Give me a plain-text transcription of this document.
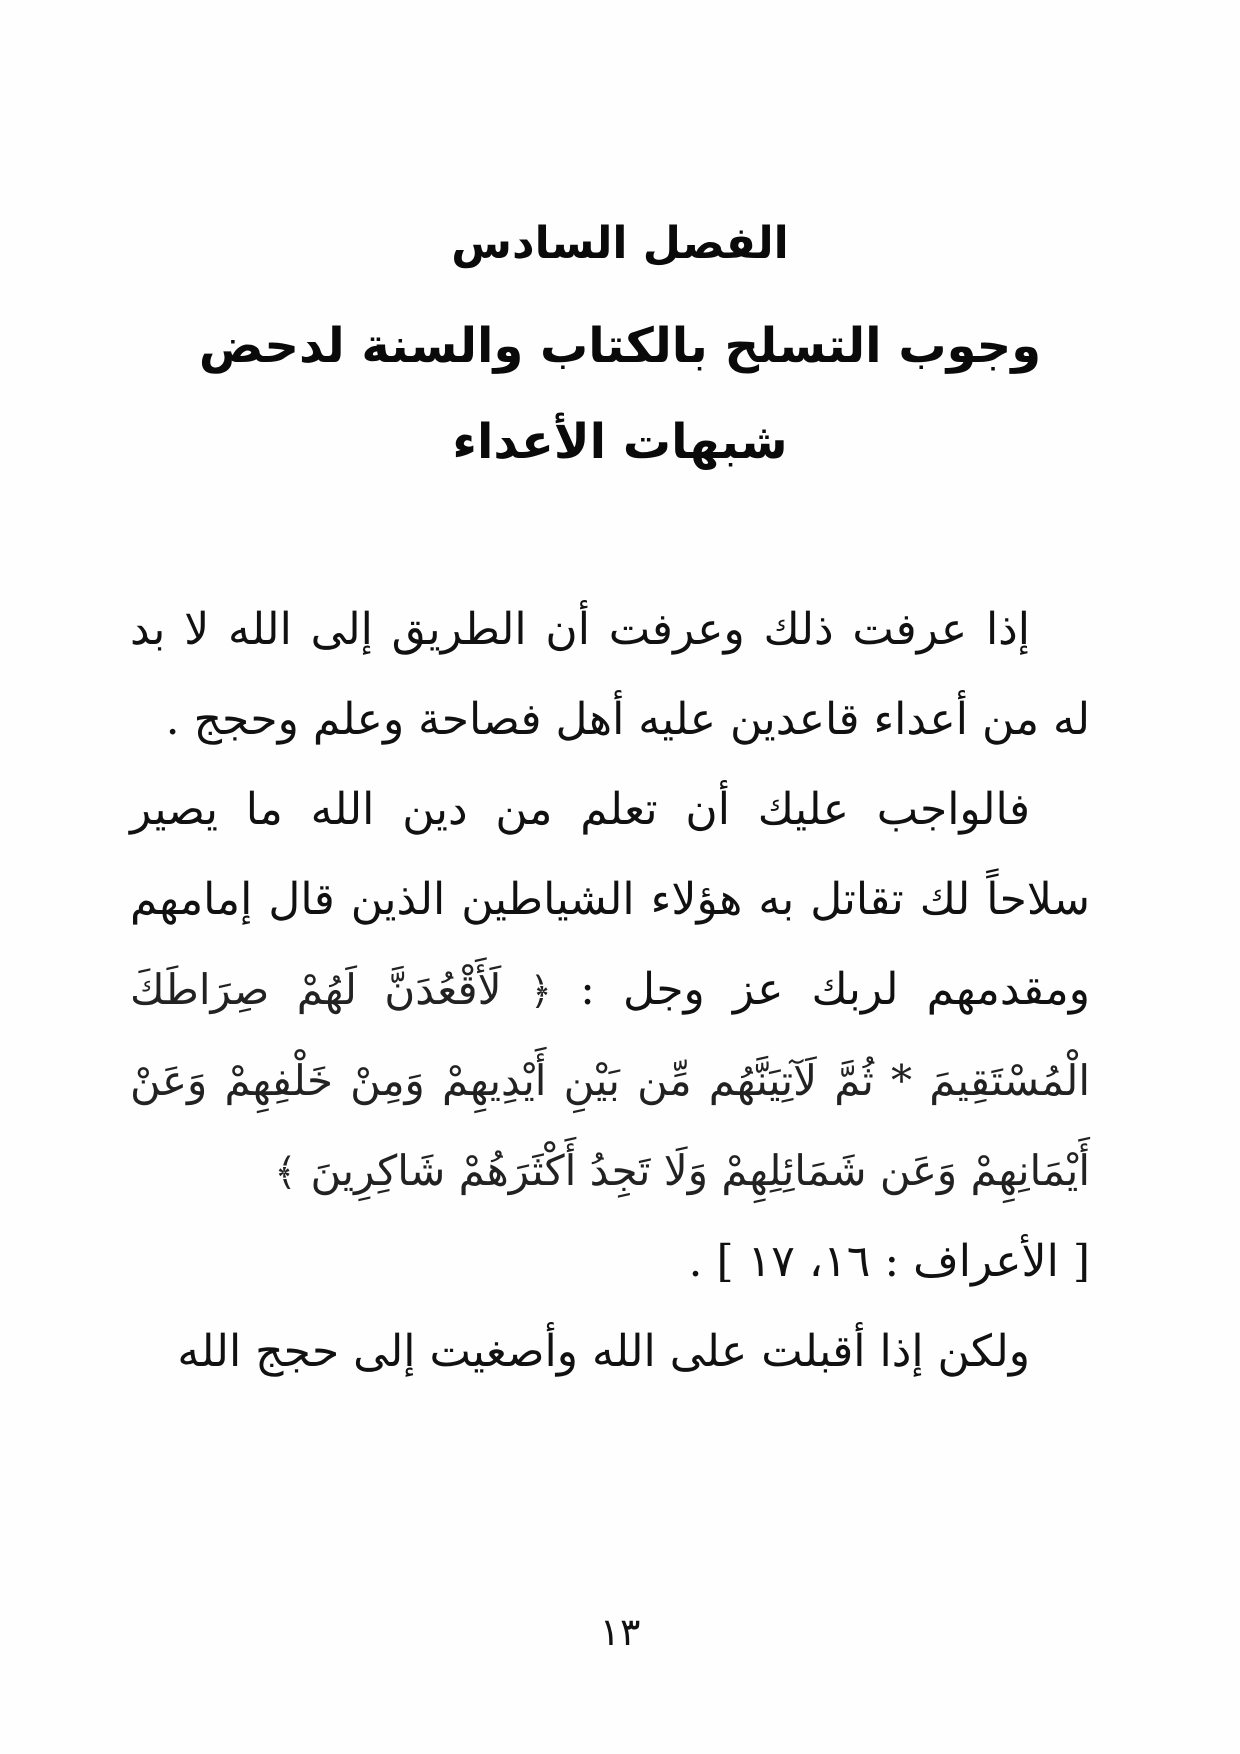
الفصل السادس
وجوب التسلح بالكتاب والسنة لدحض شبهات الأعداء

إذا عرفت ذلك وعرفت أن الطريق إلى الله لا بد له من أعداء قاعدين عليه أهل فصاحة وعلم وحجج .

فالواجب عليك أن تعلم من دين الله ما يصير سلاحاً لك تقاتل به هؤلاء الشياطين الذين قال إمامهم ومقدمهم لربك عز وجل : ﴿ لَأَقْعُدَنَّ لَهُمْ صِرَاطَكَ الْمُسْتَقِيمَ * ثُمَّ لَآتِيَنَّهُم مِّن بَيْنِ أَيْدِيهِمْ وَمِنْ خَلْفِهِمْ وَعَنْ أَيْمَانِهِمْ وَعَن شَمَائِلِهِمْ وَلَا تَجِدُ أَكْثَرَهُمْ شَاكِرِينَ ﴾

[ الأعراف : ١٦، ١٧ ] .

ولكن إذا أقبلت على الله وأصغيت إلى حجج الله

١٣
